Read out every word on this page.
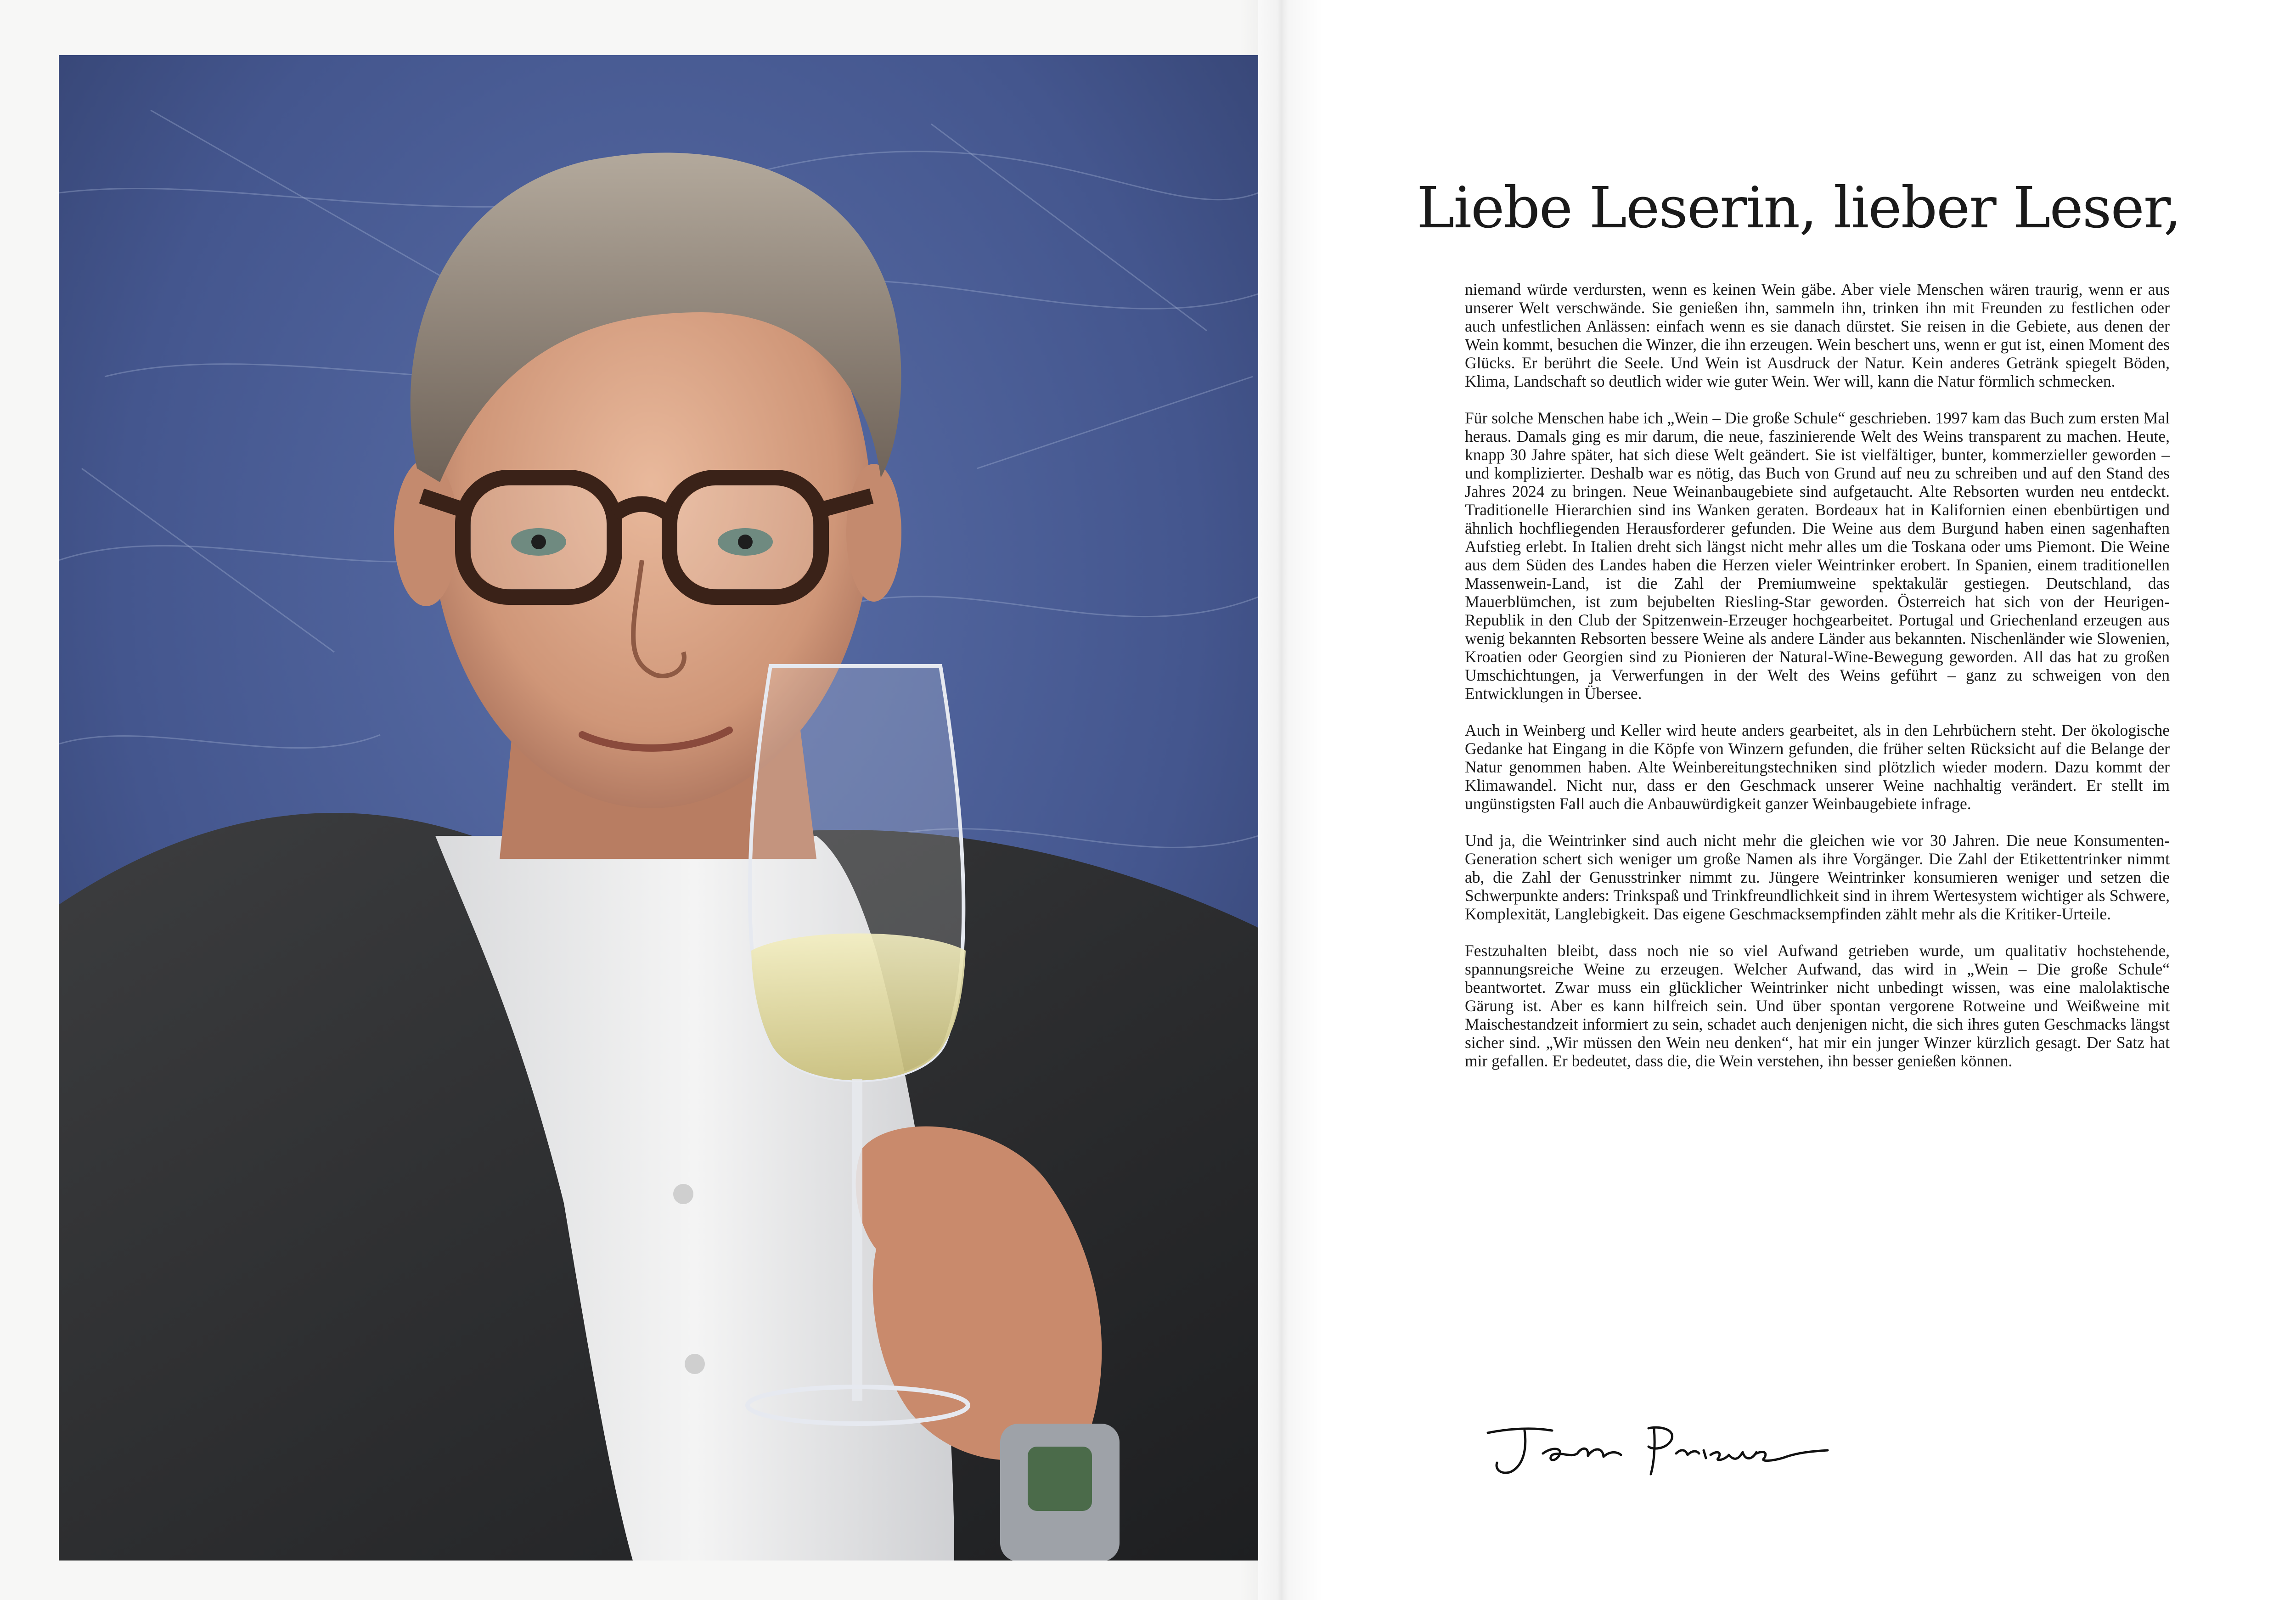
Liebe Leserin, lieber Leser,

niemand würde verdursten, wenn es keinen Wein gäbe. Aber viele Menschen wären traurig, wenn er aus unserer Welt verschwände. Sie genießen ihn, sammeln ihn, trinken ihn mit Freunden zu festlichen oder auch unfestlichen Anlässen: einfach wenn es sie danach dürstet. Sie reisen in die Gebiete, aus denen der Wein kommt, besuchen die Winzer, die ihn erzeugen. Wein beschert uns, wenn er gut ist, einen Moment des Glücks. Er berührt die Seele. Und Wein ist Ausdruck der Natur. Kein anderes Getränk spiegelt Böden, Klima, Landschaft so deutlich wider wie guter Wein. Wer will, kann die Natur förmlich schmecken.

Für solche Menschen habe ich „Wein – Die große Schule“ geschrieben. 1997 kam das Buch zum ersten Mal heraus. Damals ging es mir darum, die neue, faszinierende Welt des Weins transparent zu machen. Heute, knapp 30 Jahre später, hat sich diese Welt geändert. Sie ist vielfältiger, bunter, kommerzieller geworden – und komplizierter. Deshalb war es nötig, das Buch von Grund auf neu zu schreiben und auf den Stand des Jahres 2024 zu bringen. Neue Weinanbaugebiete sind aufgetaucht. Alte Rebsorten wurden neu entdeckt. Traditionelle Hierarchien sind ins Wanken geraten. Bordeaux hat in Kalifornien einen ebenbürtigen und ähnlich hochfliegenden Herausforderer gefunden. Die Weine aus dem Burgund haben einen sagenhaften Aufstieg erlebt. In Italien dreht sich längst nicht mehr alles um die Toskana oder ums Piemont. Die Weine aus dem Süden des Landes haben die Herzen vieler Weintrinker erobert. In Spanien, einem traditionellen Massenwein-Land, ist die Zahl der Premiumweine spektakulär gestiegen. Deutschland, das Mauerblümchen, ist zum bejubelten Riesling-Star geworden. Österreich hat sich von der Heurigen-Republik in den Club der Spitzenwein-Erzeuger hochgearbeitet. Portugal und Griechenland erzeugen aus wenig bekannten Rebsorten bessere Weine als andere Länder aus bekannten. Nischenländer wie Slowenien, Kroatien oder Georgien sind zu Pionieren der Natural-Wine-Bewegung geworden. All das hat zu großen Umschichtungen, ja Verwerfungen in der Welt des Weins geführt – ganz zu schweigen von den Entwicklungen in Übersee.

Auch in Weinberg und Keller wird heute anders gearbeitet, als in den Lehrbüchern steht. Der ökologische Gedanke hat Eingang in die Köpfe von Winzern gefunden, die früher selten Rücksicht auf die Belange der Natur genommen haben. Alte Weinbereitungstechniken sind plötzlich wieder modern. Dazu kommt der Klimawandel. Nicht nur, dass er den Geschmack unserer Weine nachhaltig verändert. Er stellt im ungünstigsten Fall auch die Anbauwürdigkeit ganzer Weinbaugebiete infrage.

Und ja, die Weintrinker sind auch nicht mehr die gleichen wie vor 30 Jahren. Die neue Konsumenten-Generation schert sich weniger um große Namen als ihre Vorgänger. Die Zahl der Etikettentrinker nimmt ab, die Zahl der Genusstrinker nimmt zu. Jüngere Weintrinker konsumieren weniger und setzen die Schwerpunkte anders: Trinkspaß und Trinkfreundlichkeit sind in ihrem Wertesystem wichtiger als Schwere, Komplexität, Langlebigkeit. Das eigene Geschmacksempfinden zählt mehr als die Kritiker-Urteile.

Festzuhalten bleibt, dass noch nie so viel Aufwand getrieben wurde, um qualitativ hochstehende, spannungsreiche Weine zu erzeugen. Welcher Aufwand, das wird in „Wein – Die große Schule“ beantwortet. Zwar muss ein glücklicher Weintrinker nicht unbedingt wissen, was eine malolaktische Gärung ist. Aber es kann hilfreich sein. Und über spontan vergorene Rotweine und Weißweine mit Maischestandzeit informiert zu sein, schadet auch denjenigen nicht, die sich ihres guten Geschmacks längst sicher sind. „Wir müssen den Wein neu denken“, hat mir ein junger Winzer kürzlich gesagt. Der Satz hat mir gefallen. Er bedeutet, dass die, die Wein verstehen, ihn besser genießen können.
